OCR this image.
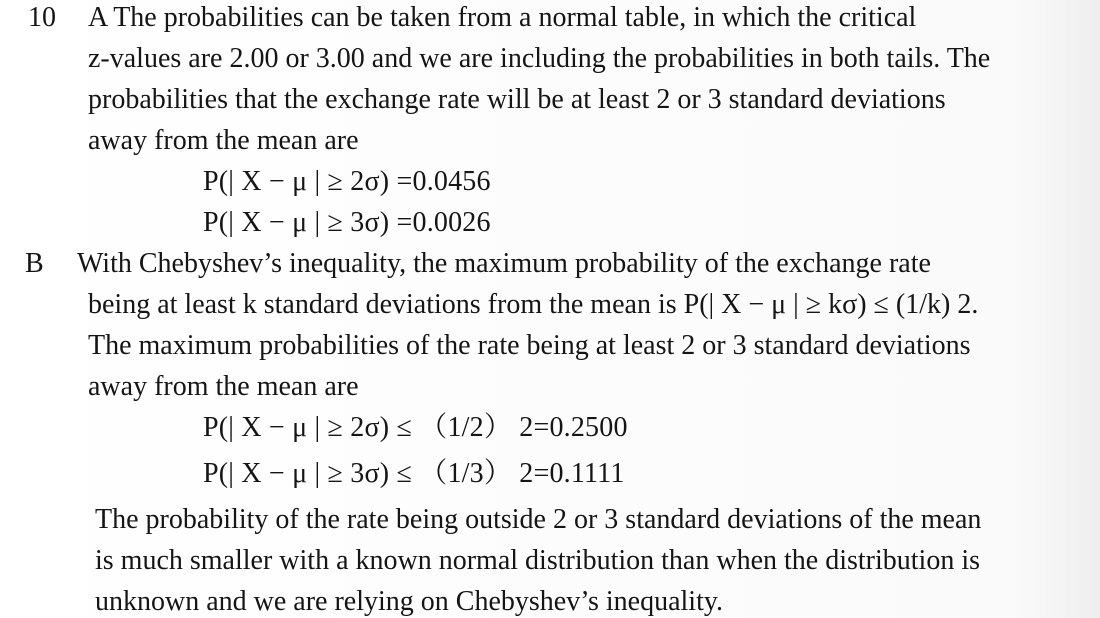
10 A The probabilities can be taken from a normal table, in which the critical
z-values are 2.00 or 3.00 and we are including the probabilities in both tails. The
probabilities that the exchange rate will be at least 2 or 3 standard deviations
away from the mean are
P(| X − μ | ≥ 2σ) =0.0456
P(| X − μ | ≥ 3σ) =0.0026
B With Chebyshev’s inequality, the maximum probability of the exchange rate
being at least k standard deviations from the mean is P(| X − μ | ≥ kσ) ≤ (1/k) 2.
The maximum probabilities of the rate being at least 2 or 3 standard deviations
away from the mean are
P(| X − μ | ≥ 2σ) ≤ （1/2） 2=0.2500
P(| X − μ | ≥ 3σ) ≤ （1/3） 2=0.1111
The probability of the rate being outside 2 or 3 standard deviations of the mean
is much smaller with a known normal distribution than when the distribution is
unknown and we are relying on Chebyshev’s inequality.
